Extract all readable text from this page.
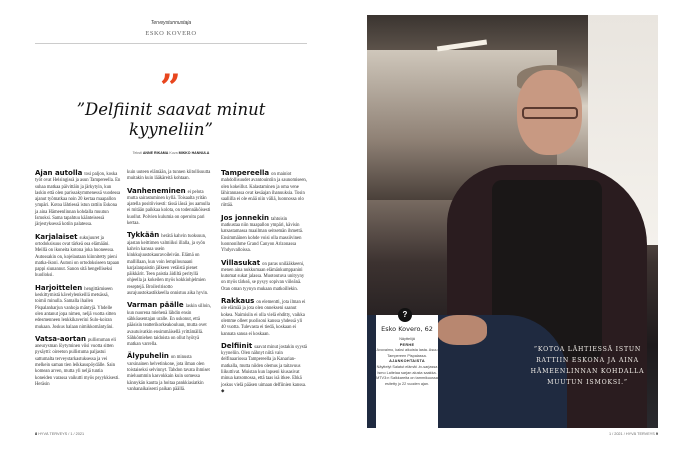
Terveystunnustaja
ESKO KOVERO
”
”Delfiinit saavat minut kyyneliin”
Teksti ANNE RIKAMA Kuva MIKKO HANNULA

Ajan autolla tosi paljon, koska työt ovat Helsingissä ja asun Tampereella. En suhaa matkaa päivittäin ja järkytyin, kun laskin että olen parissakymmenessä vuodessa ajanut työmatkaa noin 20 kertaa maapallon ympäri. Kotoa lähtiessä istun rattiin Eskona ja aina Hämeenlinnan kohdalla muutun Ismoksi. Sama tapahtuu käänteisessä järjestyksessä kotiin palatessa.

Karjalaiset sukujuuret ja ortodoksisuus ovat tärkeä osa elämääni. Meillä on ikoneita kotona joka huoneessa. Autossakin on, kojelautaan kiinnitetty pieni matka-ikoni. Autoni on ortodoksiseen tapaan pappi siunannut. Sanon sitä hengelliseksi huolloksi.

Harjoittelen hengittämiseen keskittymistä kävelylenkeillä metsässä, toimii minulla. Samalla ihailen Pispalanharjun vanhoja mäntyjä. Yhdelle olen antanut jopa nimen, neljä vuotta sitten edesmenneen lenkkikaverini Sulo-koiran mukaan. Joskus halaan nimikkomäntyäni.

Vatsa-aortan pullistuman eli aneurysman löytyminen viisi vuotta sitten pysäytti: oireeton pullistuma paljastui sattumalta terveystarkastuksessa ja vei melkein saman tien leikkauspöydälle. Sain komean arven, mutta yli neljä tuntia koneiden varassa vaikutti myös psyykkisesti. Heräsin

kuin uuteen elämään, ja tunnen kiitollisuutta muitakin kuin lääkäreitä kohtaan.

Vanheneminen ei pelota mutta sairastuminen kyllä. Toisaalta yritän ajatella positiivisesti: tässä iässä jos aamulla ei mitään paikkaa kolota, on todennäköisesti kuollut. Polvien kulumia on operoitu pari kertaa.

Tykkään herätä kahvin tuoksuun, ajastan keittimen valmiiksi illalla, ja syön kahvin kanssa usein kinkkujuustokauravoileivän. Elämä on mallillaan, kun voin lempilounaani karjalanpaistin jälkeen vetäistä pienet päikkärit. Teen paistia äidiltä perityllä ohjeella ja kokeilen myös kokkiohjelmien reseptejä. Broileririsotto aurajuustokastikkeella onnistuu aika hyvin.

Varman päälle laskin silloin, kun nuorena miehenä lähdin ensin sähköasentajan uralle. En uskonut, että pääsisin teatterikorkeakouluun, mutta ovet avautuivatkin ensimmäisellä yrittämällä. Sähkömiehen taidoista on ollut hyötyä matkan varrella.

Älypuhelin on minusta varsinainen helvetinkone, jota ilman olen toistaiseksi selvinnyt. Tahdon tavata ihmiset mieluummin kasvokkain kuin somessa kännykän kautta ja hoitaa pankkiasiatkin vanhanaikaisesti paikan päällä.

Tampereella on mainiot mahdollisuudet avantouintiin ja saunomiseen, olen kokeillut. Kalastaminen ja oma vene lähirannassa ovat kesäajan ihanuuksia. Tosin saaliilla ei ole enää niin väliä, luonnossa olo riittää.

Jos jonnekin tahtoisin matkustaa niin maapallon ympäri, kävisin katsastamassa maailman seitsemän ihmettä. Ensimmäinen kohde voisi olla massiivinen luonnonihme Grand Canyon Arizonassa Yhdysvalloissa.

Villasukat on paras unilääkkeeni, menen aina nukkumaan elämänkumppanini kutomat sukat jalassa. Muotoutuva unityyny on myös tärkeä, se pysyy sopivan viileänä. Otan oman tyynyn mukaan matkoillekin.

Rakkaus on elementti, jota ilman ei ole elämää ja jota olen onnekseni saanut kokea. Naimisiin ei olla vielä ehditty, vaikka olemme olleet puolisoni kanssa yhdessä yli 40 vuotta. Tulevasta ei tiedä, koskaan ei kannata sanoa ei koskaan.

Delfiinit saavat minut jostakin syystä kyyneliin. Olen nähnyt niitä vain delfinaariossa Tampereella ja Kanarian-matkalla, mutta niiden olemus ja taitavuus liikuttivat. Muistan kun lapseni kiusasivat minua katsomossa, että taas isä itkee. Ehkä joskus vielä pääsen uimaan delfiinien kanssa. ◆

8 HYVÄ TERVEYS / 1 / 2021
”KOTOA LÄHTIESSÄ ISTUN RATTIIN ESKONA JA AINA HÄMEENLINNAN KOHDALLA MUUTUN ISMOKSI.”
?
Esko Kovero, 62
Näyttelijä
PERHE
Avovaimo, kaksi aikuista lasta. Asuu Tampereen Pispalassa.
AJANKOHTAISTA
Näyttelyt Salatut elämät -tv-sarjassa Ismo Laitelaa sarjan alusta saakka. MTV3:n Salkkareita on tammikuussa esitetty jo 22 vuoden ajan.
1 / 2021 / HYVÄ TERVEYS 9
